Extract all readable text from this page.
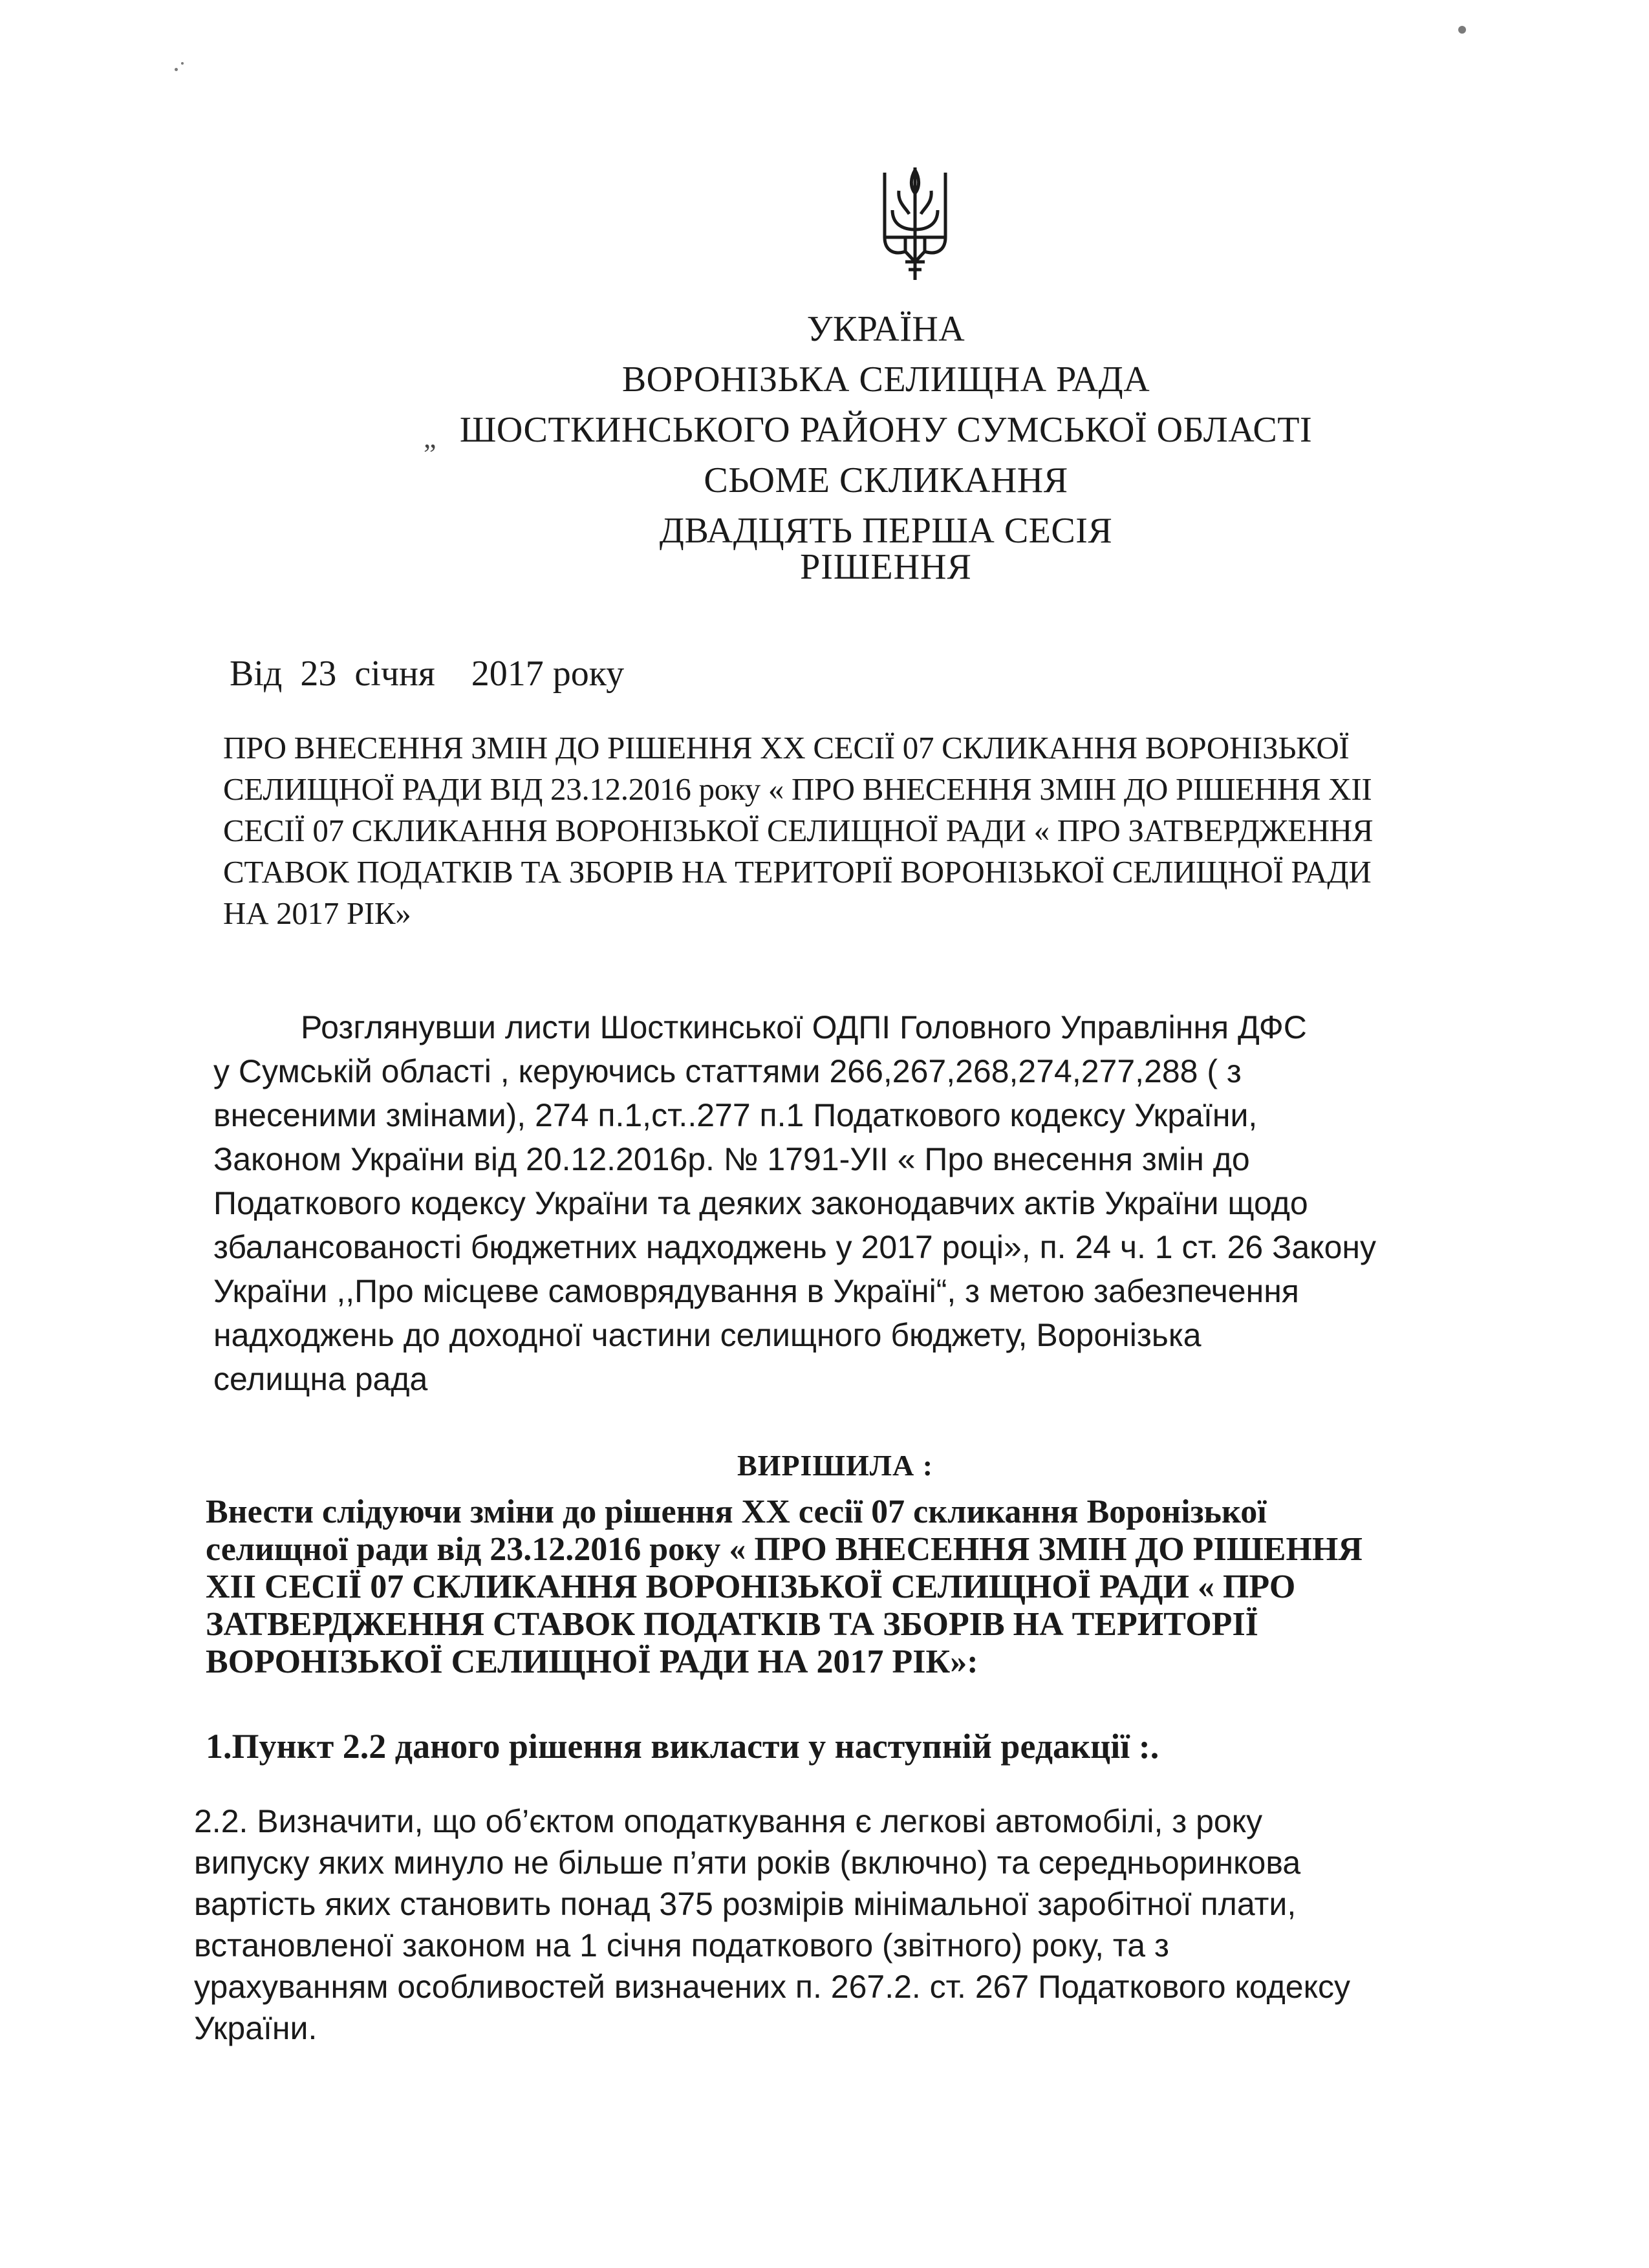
УКРАЇНА
ВОРОНІЗЬКА СЕЛИЩНА РАДА
ШОСТКИНСЬКОГО РАЙОНУ СУМСЬКОЇ ОБЛАСТІ
СЬОМЕ СКЛИКАННЯ
ДВАДЦЯТЬ ПЕРША СЕСІЯ
„
РІШЕННЯ
Від  23  січня    2017 року
ПРО ВНЕСЕННЯ ЗМІН ДО РІШЕННЯ XX СЕСІЇ 07 СКЛИКАННЯ ВОРОНІЗЬКОЇ
СЕЛИЩНОЇ РАДИ ВІД 23.12.2016 року « ПРО ВНЕСЕННЯ ЗМІН ДО РІШЕННЯ XII
СЕСІЇ 07 СКЛИКАННЯ ВОРОНІЗЬКОЇ СЕЛИЩНОЇ РАДИ « ПРО ЗАТВЕРДЖЕННЯ
СТАВОК ПОДАТКІВ ТА ЗБОРІВ НА ТЕРИТОРІЇ ВОРОНІЗЬКОЇ СЕЛИЩНОЇ РАДИ
НА 2017 РІК»
Розглянувши листи Шосткинської ОДПІ Головного Управління ДФС
у Сумській області , керуючись статтями 266,267,268,274,277,288 ( з
внесеними змінами), 274 п.1,ст..277 п.1 Податкового кодексу України,
Законом України від 20.12.2016р. № 1791-УІІ « Про внесення змін до
Податкового кодексу України та деяких законодавчих актів України щодо
збалансованості бюджетних надходжень у 2017 році», п. 24 ч. 1 ст. 26 Закону
України ,,Про місцеве самоврядування в Україні“, з метою забезпечення
надходжень до доходної частини селищного бюджету, Воронізька
селищна рада
ВИРІШИЛА :
Внести слідуючи зміни до рішення XX сесії 07 скликання Воронізької
селищної ради від 23.12.2016 року « ПРО ВНЕСЕННЯ ЗМІН ДО РІШЕННЯ
XII СЕСІЇ 07 СКЛИКАННЯ ВОРОНІЗЬКОЇ СЕЛИЩНОЇ РАДИ « ПРО
ЗАТВЕРДЖЕННЯ СТАВОК ПОДАТКІВ ТА ЗБОРІВ НА ТЕРИТОРІЇ
ВОРОНІЗЬКОЇ СЕЛИЩНОЇ РАДИ НА 2017 РІК»:
1.Пункт 2.2 даного рішення викласти у наступній редакції :.
2.2. Визначити, що об’єктом оподаткування є легкові автомобілі, з року
випуску яких минуло не більше п’яти років (включно) та середньоринкова
вартість яких становить понад 375 розмірів мінімальної заробітної плати,
встановленої законом на 1 січня податкового (звітного) року, та з
урахуванням особливостей визначених п. 267.2. ст. 267 Податкового кодексу
України.
